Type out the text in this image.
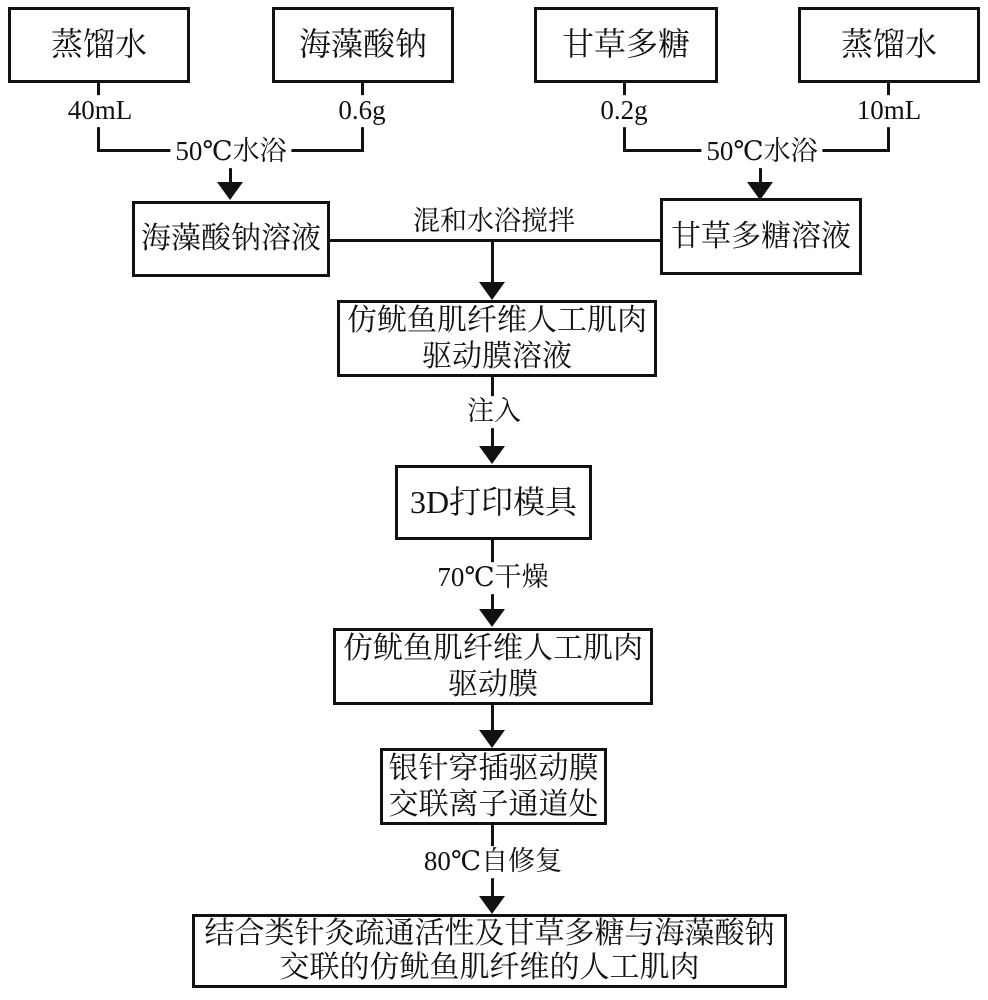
蒸馏水	海藻酸钠	甘草多糖	蒸馏水
40mL	0.6g	0.2g	10mL
50℃水浴	50℃水浴
海藻酸钠溶液	甘草多糖溶液
混和水浴搅拌
仿鱿鱼肌纤维人工肌肉
驱动膜溶液
注入
3D打印模具
70℃干燥
仿鱿鱼肌纤维人工肌肉
驱动膜
银针穿插驱动膜
交联离子通道处
80℃自修复
结合类针灸疏通活性及甘草多糖与海藻酸钠
交联的仿鱿鱼肌纤维的人工肌肉
